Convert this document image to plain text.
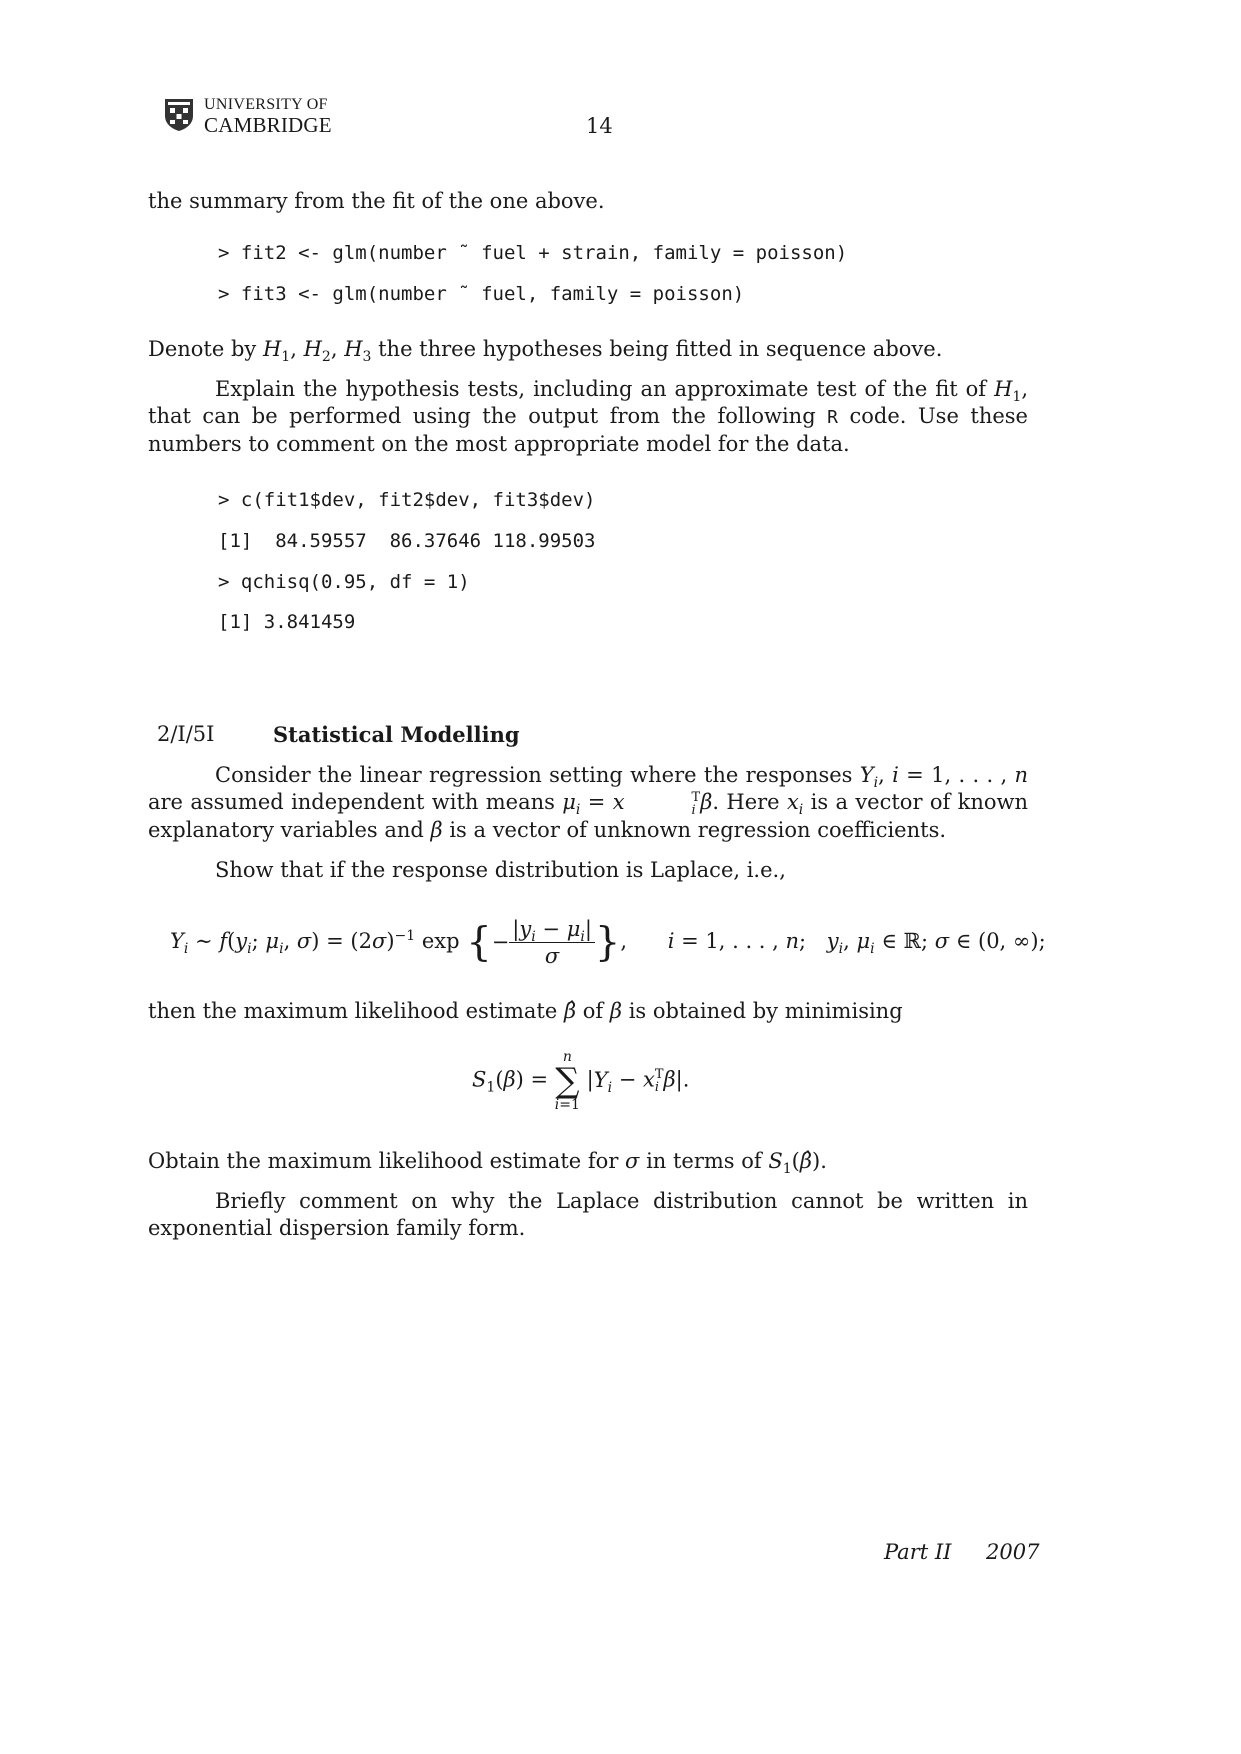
UNIVERSITY OF
CAMBRIDGE	14
the summary from the fit of the one above.
> fit2 <- glm(number ˜ fuel + strain, family = poisson)
> fit3 <- glm(number ˜ fuel, family = poisson)
Denote by $H_1$, $H_2$, $H_3$ the three hypotheses being fitted in sequence above.
Explain the hypothesis tests, including an approximate test of the fit of $H_1$, that can be performed using the output from the following R code. Use these numbers to comment on the most appropriate model for the data.
> c(fit1$dev, fit2$dev, fit3$dev)
[1]  84.59557  86.37646 118.99503
> qchisq(0.95, df = 1)
[1] 3.841459
2/I/5I	Statistical Modelling
Consider the linear regression setting where the responses $Y_i$, i = 1, . . . , n are assumed independent with means $\mu_i = x$	T
i β. Here $x_i$ is a vector of known explanatory variables and β is a vector of unknown regression coefficients.
Show that if the response distribution is Laplace, i.e.,
$Y_i$ ∼ $f(y_i$; $\mu_i$, $\sigma) = (2\sigma)^{-1}$ exp {− $\frac{|y_i - \mu_i|}{\sigma}$ }, i = 1, . . . , n; $y_i$, $\mu_i$ ∈ ℝ; σ ∈ (0, ∞);
then the maximum likelihood estimate β̂ of β is obtained by minimising
$S_1(\beta)$ =
n
∑
i=1
$|Y_i - x$ T
i β|.
Obtain the maximum likelihood estimate for σ in terms of $S_1(\betâ)$.
Briefly comment on why the Laplace distribution cannot be written in exponential dispersion family form.
Part II 2007
